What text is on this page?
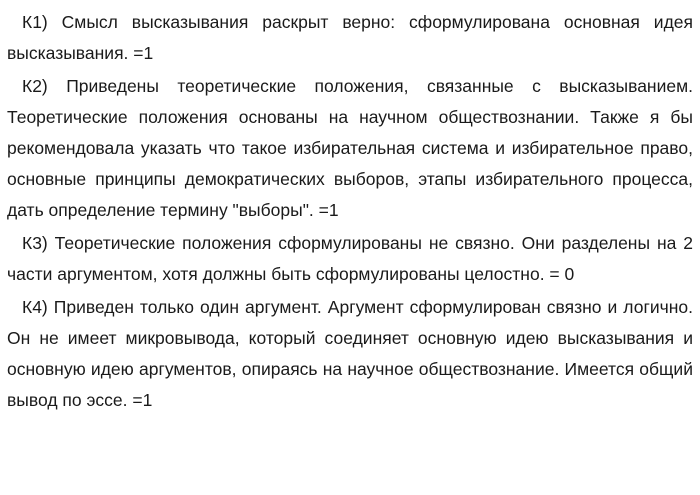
К1) Смысл высказывания раскрыт верно: сформулирована основная идея высказывания. =1

К2) Приведены теоретические положения, связанные с высказыванием. Теоретические положения основаны на научном обществознании. Также я бы рекомендовала указать что такое избирательная система и избирательное право, основные принципы демократических выборов, этапы избирательного процесса, дать определение термину "выборы". =1

К3) Теоретические положения сформулированы не связно. Они разделены на 2 части аргументом, хотя должны быть сформулированы целостно. = 0

К4) Приведен только один аргумент. Аргумент сформулирован связно и логично. Он не имеет микровывода, который соединяет основную идею высказывания и основную идею аргументов, опираясь на научное обществознание. Имеется общий вывод по эссе. =1
